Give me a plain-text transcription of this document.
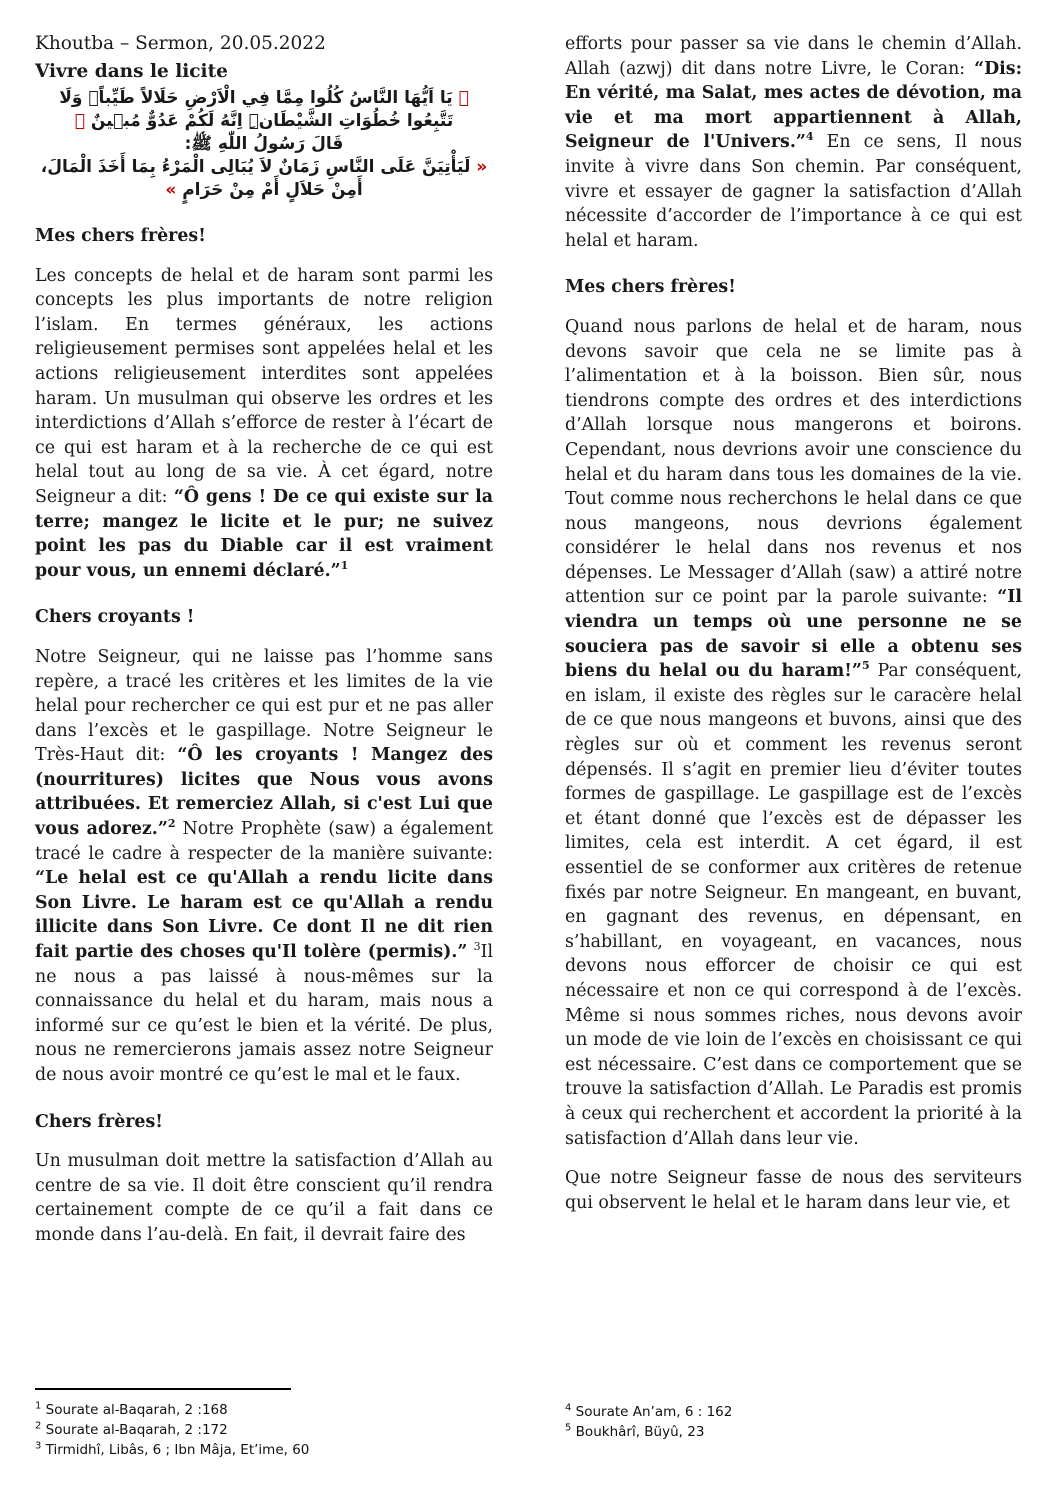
Khoutba – Sermon, 20.05.2022

Vivre dans le licite

﴿ يَا اَيُّهَا النَّاسُ كُلُوا مِمَّا فِي الْاَرْضِ حَلَالاً طَيِّباًۘ وَلَا تَتَّبِعُوا خُطُوَاتِ الشَّيْطَانِۜ اِنَّهُ لَكُمْ عَدُوٌّ مُب۪ينٌ ﴾

قَالَ رَسُولُ اللّٰهِ ﷺ:

« لَيَأْتِيَنَّ عَلَى النَّاسِ زَمَانٌ لاَ يُبَالِى الْمَرْءُ بِمَا أَخَذَ الْمَالَ، أَمِنْ حَلاَلٍ أَمْ مِنْ حَرَامٍ »

Mes chers frères!

Les concepts de helal et de haram sont parmi les concepts les plus importants de notre religion l’islam. En termes généraux, les actions religieusement permises sont appelées helal et les actions religieusement interdites sont appelées haram. Un musulman qui observe les ordres et les interdictions d’Allah s’efforce de rester à l’écart de ce qui est haram et à la recherche de ce qui est helal tout au long de sa vie. À cet égard, notre Seigneur a dit: “Ô gens ! De ce qui existe sur la terre; mangez le licite et le pur; ne suivez point les pas du Diable car il est vraiment pour vous, un ennemi déclaré.”$^1$

Chers croyants !

Notre Seigneur, qui ne laisse pas l’homme sans repère, a tracé les critères et les limites de la vie helal pour rechercher ce qui est pur et ne pas aller dans l’excès et le gaspillage. Notre Seigneur le Très-Haut dit: “Ô les croyants ! Mangez des (nourritures) licites que Nous vous avons attribuées. Et remerciez Allah, si c'est Lui que vous adorez.”$^2$ Notre Prophète (saw) a également tracé le cadre à respecter de la manière suivante: “Le helal est ce qu'Allah a rendu licite dans Son Livre. Le haram est ce qu'Allah a rendu illicite dans Son Livre. Ce dont Il ne dit rien fait partie des choses qu'Il tolère (permis).” $^3$Il ne nous a pas laissé à nous-mêmes sur la connaissance du helal et du haram, mais nous a informé sur ce qu’est le bien et la vérité. De plus, nous ne remercierons jamais assez notre Seigneur de nous avoir montré ce qu’est le mal et le faux.

Chers frères!

Un musulman doit mettre la satisfaction d’Allah au centre de sa vie. Il doit être conscient qu’il rendra certainement compte de ce qu’il a fait dans ce monde dans l’au-delà. En fait, il devrait faire des

efforts pour passer sa vie dans le chemin d’Allah. Allah (azwj) dit dans notre Livre, le Coran: “Dis: En vérité, ma Salat, mes actes de dévotion, ma vie et ma mort appartiennent à Allah, Seigneur de l'Univers.”$^4$ En ce sens, Il nous invite à vivre dans Son chemin. Par conséquent, vivre et essayer de gagner la satisfaction d’Allah nécessite d’accorder de l’importance à ce qui est helal et haram.

Mes chers frères!

Quand nous parlons de helal et de haram, nous devons savoir que cela ne se limite pas à l’alimentation et à la boisson. Bien sûr, nous tiendrons compte des ordres et des interdictions d’Allah lorsque nous mangerons et boirons. Cependant, nous devrions avoir une conscience du helal et du haram dans tous les domaines de la vie. Tout comme nous recherchons le helal dans ce que nous mangeons, nous devrions également considérer le helal dans nos revenus et nos dépenses. Le Messager d’Allah (saw) a attiré notre attention sur ce point par la parole suivante: “Il viendra un temps où une personne ne se souciera pas de savoir si elle a obtenu ses biens du helal ou du haram!”$^5$ Par conséquent, en islam, il existe des règles sur le caracère helal de ce que nous mangeons et buvons, ainsi que des règles sur où et comment les revenus seront dépensés. Il s’agit en premier lieu d’éviter toutes formes de gaspillage. Le gaspillage est de l’excès et étant donné que l’excès est de dépasser les limites, cela est interdit. A cet égard, il est essentiel de se conformer aux critères de retenue fixés par notre Seigneur. En mangeant, en buvant, en gagnant des revenus, en dépensant, en s’habillant, en voyageant, en vacances, nous devons nous efforcer de choisir ce qui est nécessaire et non ce qui correspond à de l’excès. Même si nous sommes riches, nous devons avoir un mode de vie loin de l’excès en choisissant ce qui est nécessaire. C’est dans ce comportement que se trouve la satisfaction d’Allah. Le Paradis est promis à ceux qui recherchent et accordent la priorité à la satisfaction d’Allah dans leur vie.

Que notre Seigneur fasse de nous des serviteurs qui observent le helal et le haram dans leur vie, et

$^1$ Sourate al-Baqarah, 2 :168
$^2$ Sourate al-Baqarah, 2 :172
$^3$ Tirmidhî, Libâs, 6 ; Ibn Mâja, Et’ime, 60
$^4$ Sourate An’am, 6 : 162
$^5$ Boukhârî, Büyû, 23
